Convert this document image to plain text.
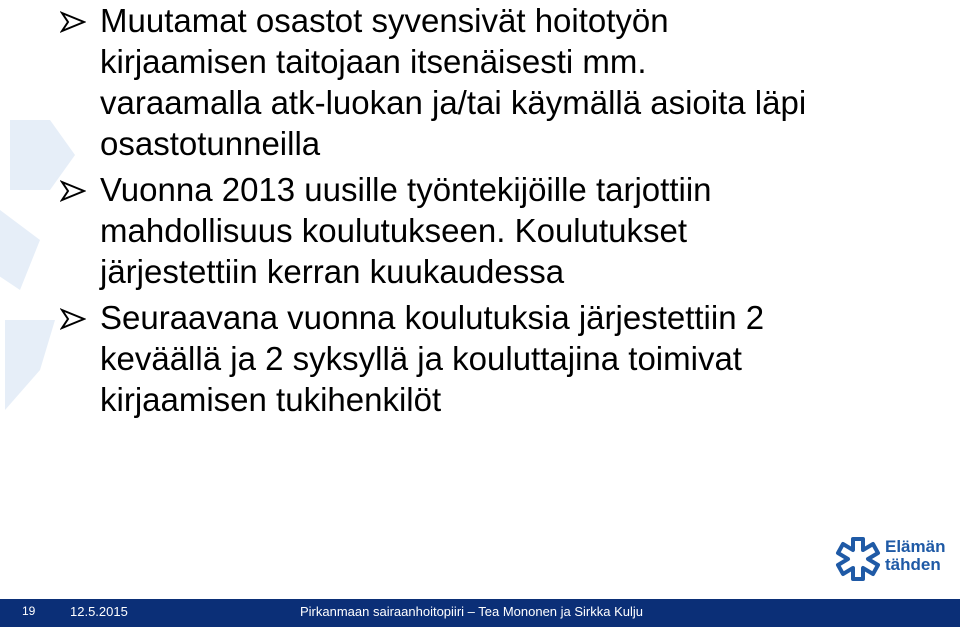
Muutamat osastot syvensivät hoitotyön
kirjaamisen taitojaan itsenäisesti mm.
varaamalla atk-luokan ja/tai käymällä asioita läpi
osastotunneilla
Vuonna 2013 uusille työntekijöille tarjottiin
mahdollisuus koulutukseen. Koulutukset
järjestettiin kerran kuukaudessa
Seuraavana vuonna koulutuksia järjestettiin 2
keväällä ja 2 syksyllä ja kouluttajina toimivat
kirjaamisen tukihenkilöt
Elämän
tähden
19	12.5.2015	Pirkanmaan sairaanhoitopiiri – Tea Mononen ja Sirkka Kulju
